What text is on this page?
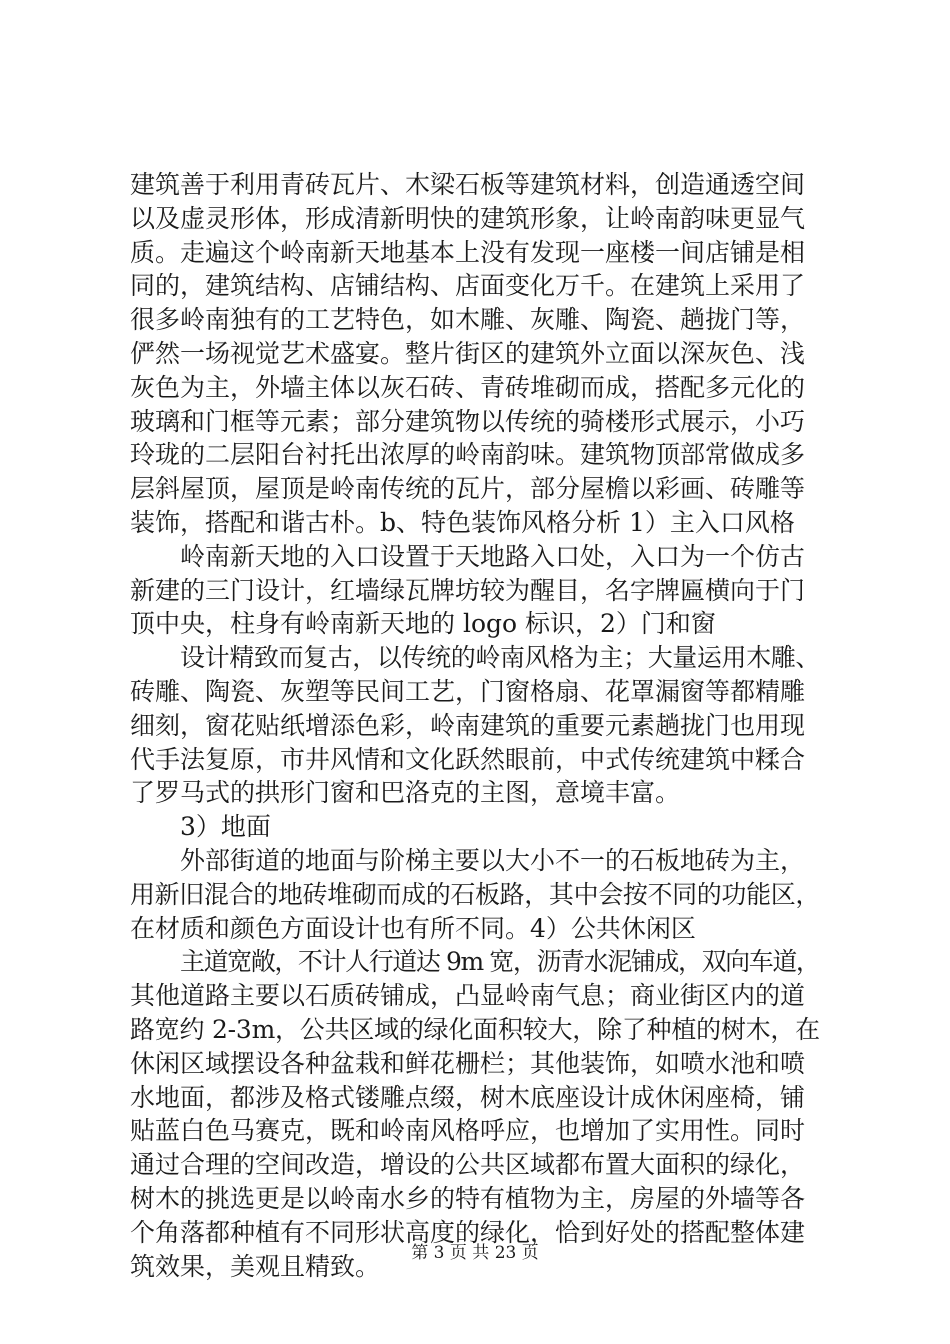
建筑善于利用青砖瓦片、木梁石板等建筑材料，创造通透空间
以及虚灵形体，形成清新明快的建筑形象，让岭南韵味更显气
质。走遍这个岭南新天地基本上没有发现一座楼一间店铺是相
同的，建筑结构、店铺结构、店面变化万千。在建筑上采用了
很多岭南独有的工艺特色，如木雕、灰雕、陶瓷、趟拢门等，
俨然一场视觉艺术盛宴。整片街区的建筑外立面以深灰色、浅
灰色为主，外墙主体以灰石砖、青砖堆砌而成，搭配多元化的
玻璃和门框等元素；部分建筑物以传统的骑楼形式展示，小巧
玲珑的二层阳台衬托出浓厚的岭南韵味。建筑物顶部常做成多
层斜屋顶，屋顶是岭南传统的瓦片，部分屋檐以彩画、砖雕等
装饰，搭配和谐古朴。b、特色装饰风格分析 1）主入口风格
岭南新天地的入口设置于天地路入口处，入口为一个仿古
新建的三门设计，红墙绿瓦牌坊较为醒目，名字牌匾横向于门
顶中央，柱身有岭南新天地的 logo 标识，2）门和窗
设计精致而复古，以传统的岭南风格为主；大量运用木雕、
砖雕、陶瓷、灰塑等民间工艺，门窗格扇、花罩漏窗等都精雕
细刻，窗花贴纸增添色彩，岭南建筑的重要元素趟拢门也用现
代手法复原，市井风情和文化跃然眼前，中式传统建筑中糅合
了罗马式的拱形门窗和巴洛克的主图，意境丰富。
3）地面
外部街道的地面与阶梯主要以大小不一的石板地砖为主，
用新旧混合的地砖堆砌而成的石板路，其中会按不同的功能区，
在材质和颜色方面设计也有所不同。4）公共休闲区
主道宽敞，不计人行道达 9m 宽，沥青水泥铺成，双向车道，
其他道路主要以石质砖铺成，凸显岭南气息；商业街区内的道
路宽约 2-3m，公共区域的绿化面积较大，除了种植的树木，在
休闲区域摆设各种盆栽和鲜花栅栏；其他装饰，如喷水池和喷
水地面，都涉及格式镂雕点缀，树木底座设计成休闲座椅，铺
贴蓝白色马赛克，既和岭南风格呼应，也增加了实用性。同时
通过合理的空间改造，增设的公共区域都布置大面积的绿化，
树木的挑选更是以岭南水乡的特有植物为主，房屋的外墙等各
个角落都种植有不同形状高度的绿化，恰到好处的搭配整体建
筑效果，美观且精致。	第 3 页 共 23 页
